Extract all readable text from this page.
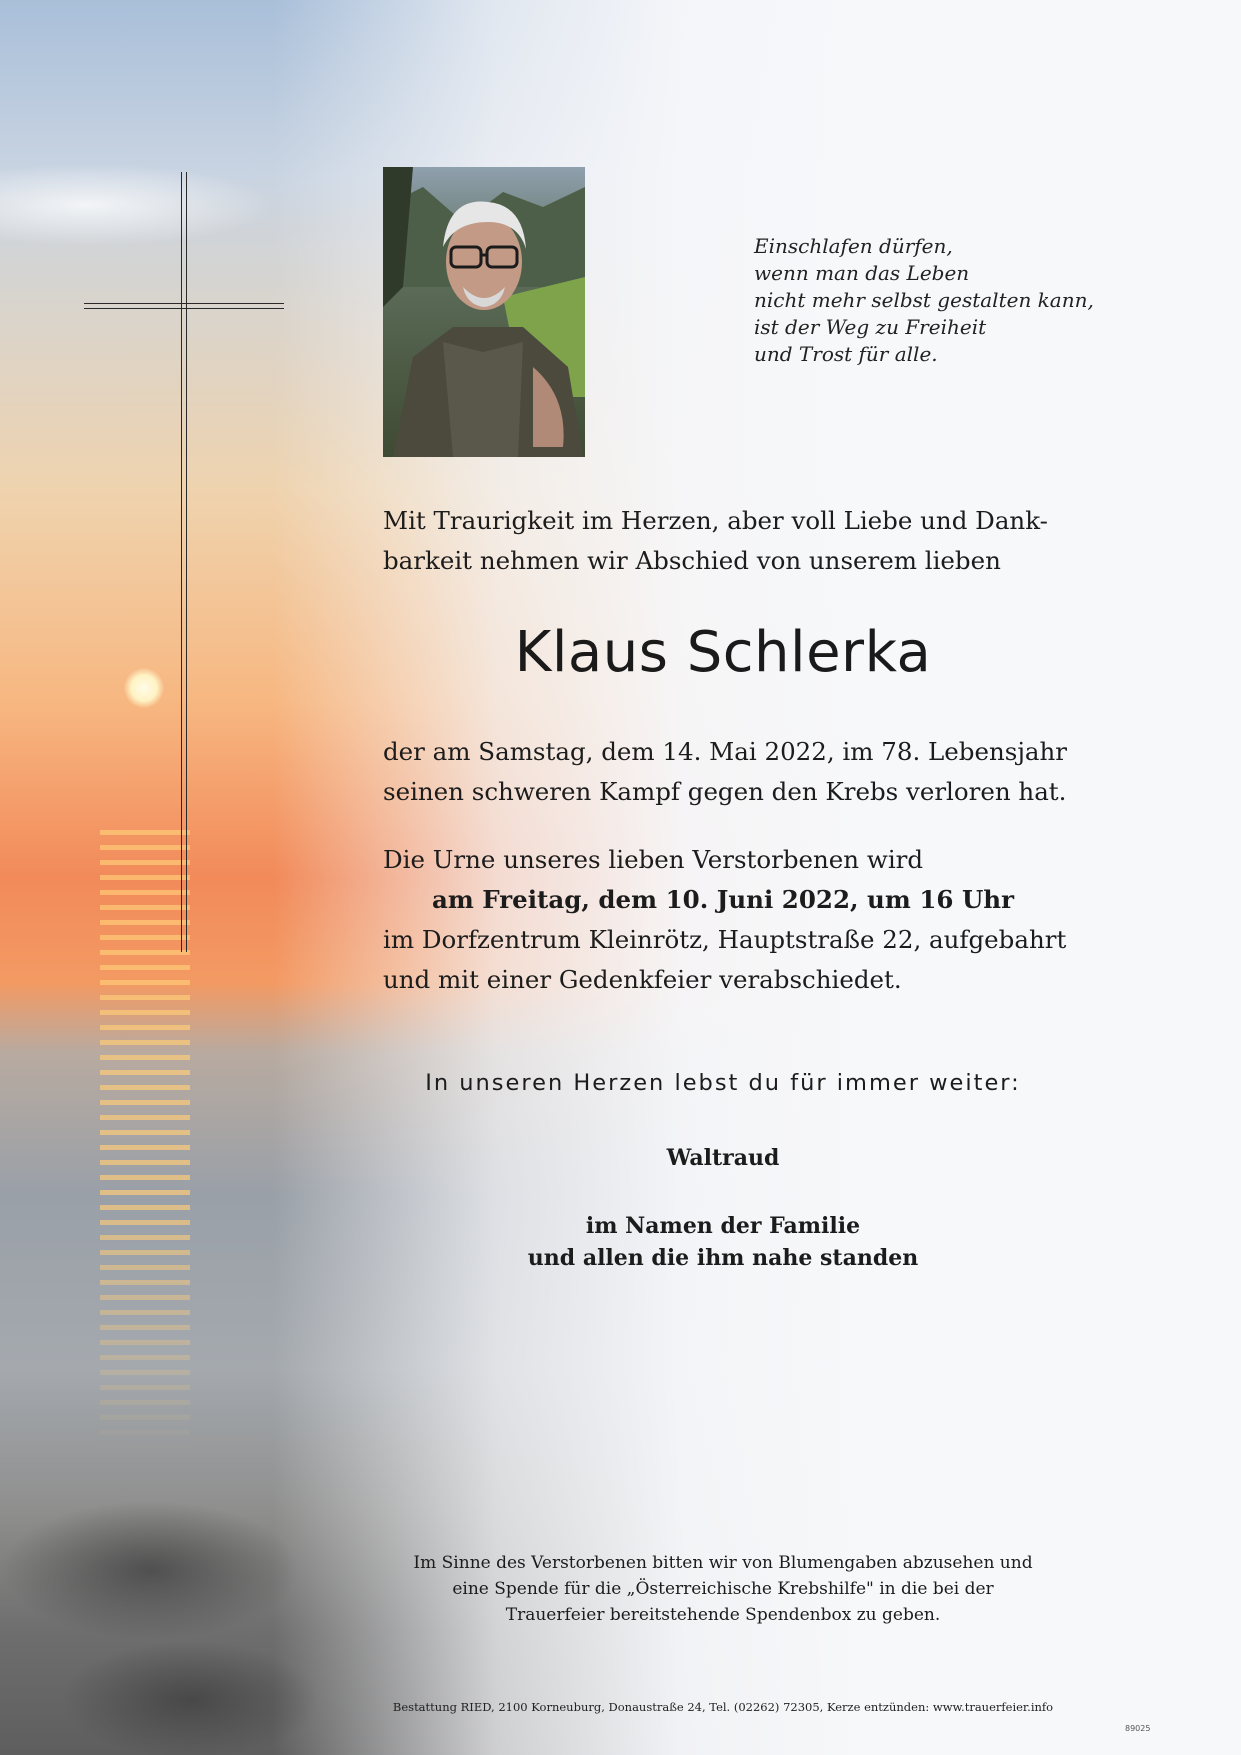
Einschlafen dürfen,
wenn man das Leben
nicht mehr selbst gestalten kann,
ist der Weg zu Freiheit
und Trost für alle.
Mit Traurigkeit im Herzen, aber voll Liebe und Dank-
barkeit nehmen wir Abschied von unserem lieben
Klaus Schlerka
der am Samstag, dem 14. Mai 2022, im 78. Lebensjahr
seinen schweren Kampf gegen den Krebs verloren hat.
Die Urne unseres lieben Verstorbenen wird
am Freitag, dem 10. Juni 2022, um 16 Uhr
im Dorfzentrum Kleinrötz, Hauptstraße 22, aufgebahrt
und mit einer Gedenkfeier verabschiedet.
In unseren Herzen lebst du für immer weiter:
Waltraud
im Namen der Familie
und allen die ihm nahe standen
Im Sinne des Verstorbenen bitten wir von Blumengaben abzusehen und
eine Spende für die „Österreichische Krebshilfe" in die bei der
Trauerfeier bereitstehende Spendenbox zu geben.
Bestattung RIED, 2100 Korneuburg, Donaustraße 24, Tel. (02262) 72305, Kerze entzünden: www.trauerfeier.info
89025
